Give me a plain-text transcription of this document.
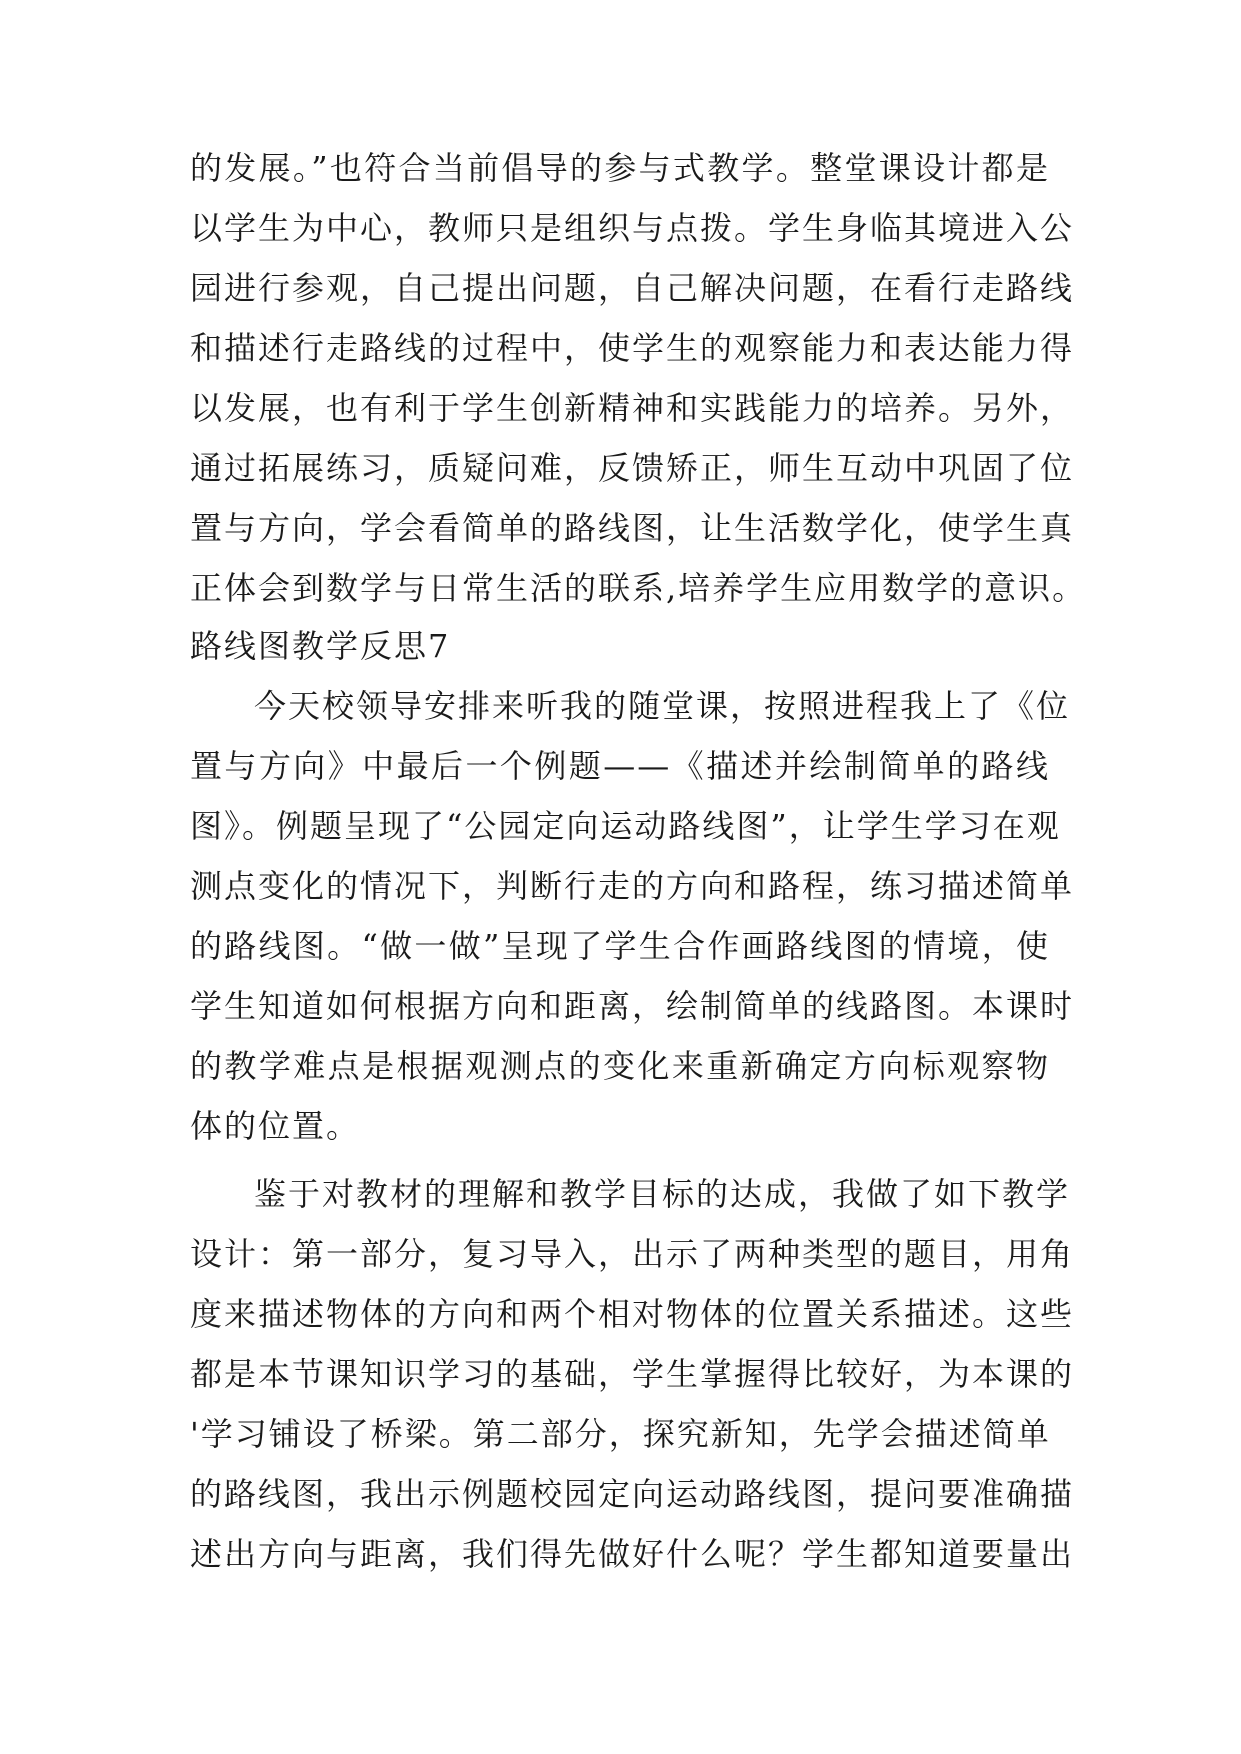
的发展。”也符合当前倡导的参与式教学。整堂课设计都是
以学生为中心，教师只是组织与点拨。学生身临其境进入公
园进行参观，自己提出问题，自己解决问题，在看行走路线
和描述行走路线的过程中，使学生的观察能力和表达能力得
以发展，也有利于学生创新精神和实践能力的培养。另外，
通过拓展练习，质疑问难，反馈矫正，师生互动中巩固了位
置与方向，学会看简单的路线图，让生活数学化，使学生真
正体会到数学与日常生活的联系,培养学生应用数学的意识。
路线图教学反思7
今天校领导安排来听我的随堂课，按照进程我上了《位
置与方向》中最后一个例题——《描述并绘制简单的路线
图》。例题呈现了“公园定向运动路线图”，让学生学习在观
测点变化的情况下，判断行走的方向和路程，练习描述简单
的路线图。“做一做”呈现了学生合作画路线图的情境，使
学生知道如何根据方向和距离，绘制简单的线路图。本课时
的教学难点是根据观测点的变化来重新确定方向标观察物
体的位置。
鉴于对教材的理解和教学目标的达成，我做了如下教学
设计：第一部分，复习导入，出示了两种类型的题目，用角
度来描述物体的方向和两个相对物体的位置关系描述。这些
都是本节课知识学习的基础，学生掌握得比较好，为本课的
'学习铺设了桥梁。第二部分，探究新知，先学会描述简单
的路线图，我出示例题校园定向运动路线图，提问要准确描
述出方向与距离，我们得先做好什么呢？学生都知道要量出
